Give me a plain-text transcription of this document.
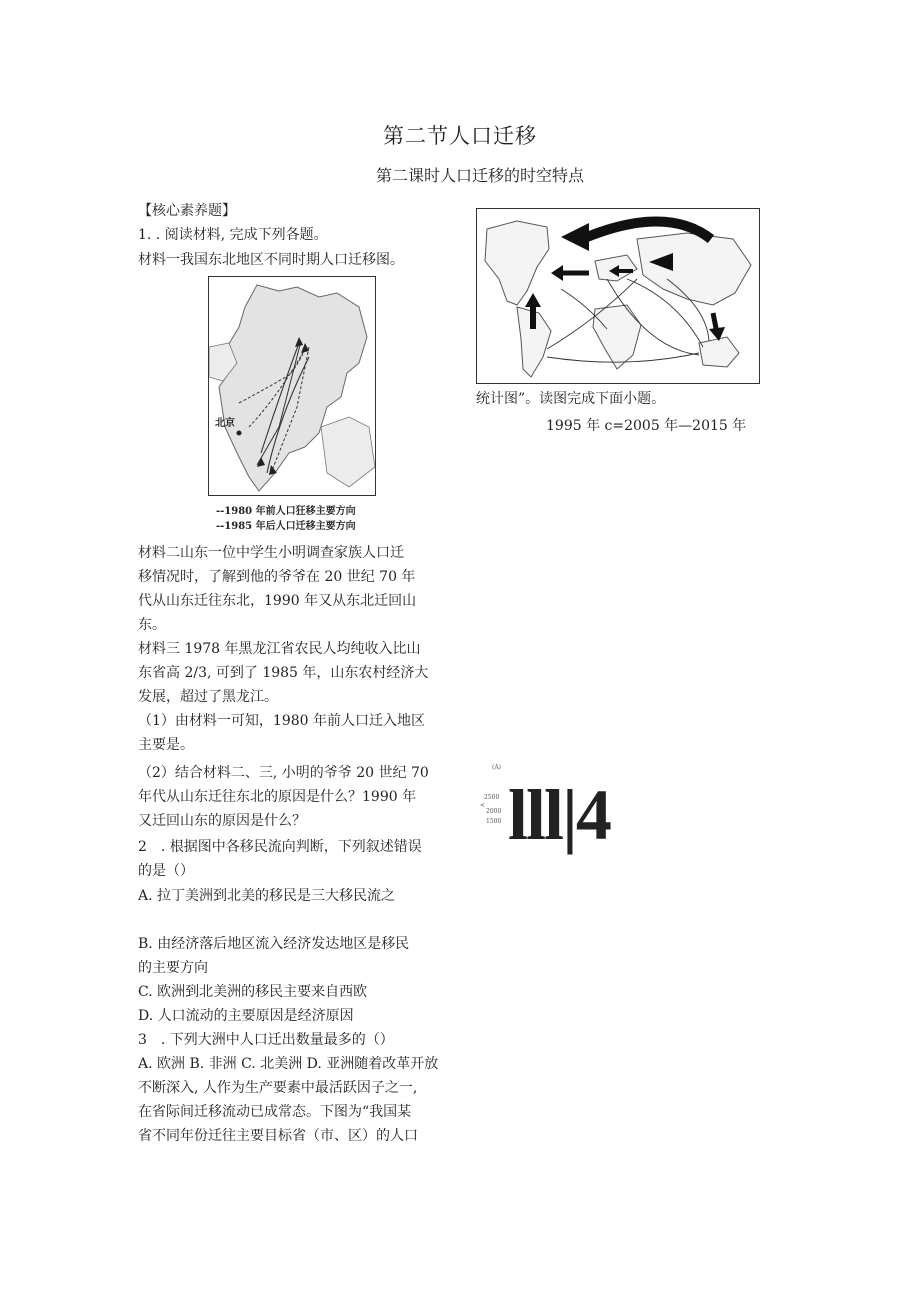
第二节人口迁移
第二课时人口迁移的时空特点
【核心素养题】
1. . 阅读材料, 完成下列各题。
材料一我国东北地区不同时期人口迁移图。
北京
--1980 年前人口狂移主要方向
--1985 年后人口迁移主要方向
材料二山东一位中学生小明调查家族人口迁
移情况时，了解到他的爷爷在 20 世纪 70 年
代从山东迁往东北，1990 年又从东北迁回山
东。
材料三 1978 年黑龙江省农民人均纯收入比山
东省高 2/3, 可到了 1985 年，山东农村经济大
发展，超过了黑龙江。
（1）由材料一可知，1980 年前人口迁入地区
主要是。
（2）结合材料二、三, 小明的爷爷 20 世纪 70
年代从山东迁往东北的原因是什么？1990 年
又迁回山东的原因是什么？
2　. 根据图中各移民流向判断，下列叙述错误
的是（）
A. 拉丁美洲到北美的移民是三大移民流之
B. 由经济落后地区流入经济发达地区是移民
的主要方向
C. 欧洲到北美洲的移民主要来自西欧
D. 人口流动的主要原因是经济原因
3　. 下列大洲中人口迁出数量最多的（）
A. 欧洲 B. 非洲 C. 北美洲 D. 亚洲随着改革开放
不断深入, 人作为生产要素中最活跃因子之一,
在省际间迁移流动已成常态。下图为“我国某
省不同年份迁往主要目标省（市、区）的人口
统计图”。读图完成下面小题。
1995 年 c=2005 年—2015 年
(A)
2500
<
2000
1500 lll|4
